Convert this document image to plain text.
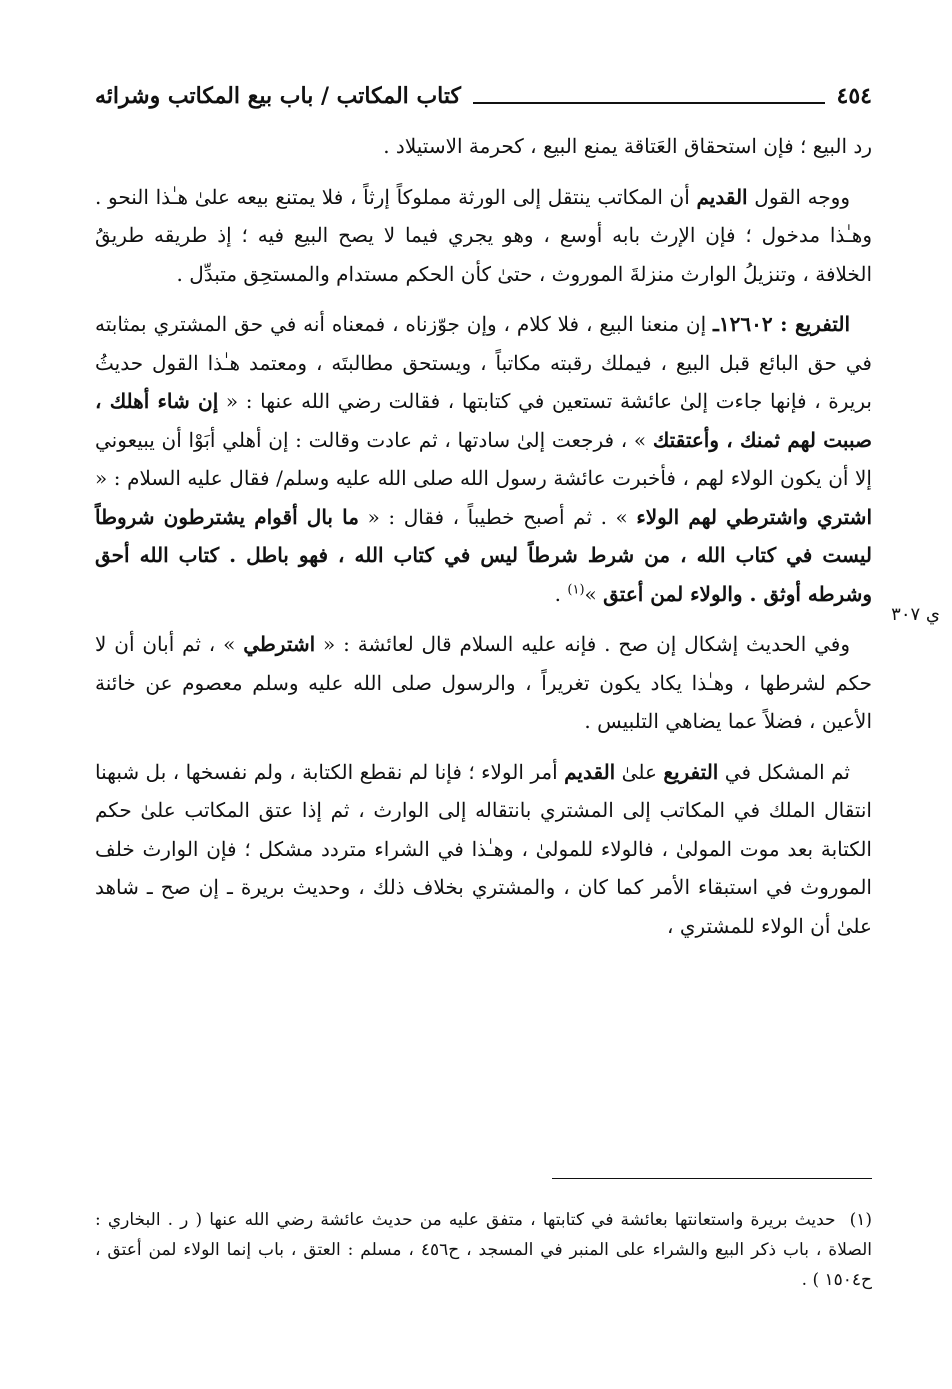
٤٥٤
كتاب المكاتب / باب بيع المكاتب وشرائه
ي ٣٠٧

رد البيع ؛ فإن استحقاق العَتاقة يمنع البيع ، كحرمة الاستيلاد .

ووجه القول القديم أن المكاتب ينتقل إلى الورثة مملوكاً إرثاً ، فلا يمتنع بيعه علىٰ هـٰذا النحو . وهـٰذا مدخول ؛ فإن الإرث بابه أوسع ، وهو يجري فيما لا يصح البيع فيه ؛ إذ طريقه طريقُ الخلافة ، وتنزيلُ الوارث منزلةَ الموروث ، حتىٰ كأن الحكم مستدام والمستحِق متبدِّل .

التفريع : ١٢٦٠٢ـ إن منعنا البيع ، فلا كلام ، وإن جوّزناه ، فمعناه أنه في حق المشتري بمثابته في حق البائع قبل البيع ، فيملك رقبته مكاتباً ، ويستحق مطالبتَه ، ومعتمد هـٰذا القول حديثُ بريرة ، فإنها جاءت إلىٰ عائشة تستعين في كتابتها ، فقالت رضي الله عنها : « إن شاء أهلك ، صببت لهم ثمنك ، وأعتقتك » ، فرجعت إلىٰ سادتها ، ثم عادت وقالت : إن أهلي أبَوْا أن يبيعوني إلا أن يكون الولاء لهم ، فأخبرت عائشة رسول الله صلى الله عليه وسلم/ فقال عليه السلام : « اشتري واشترطي لهم الولاء » . ثم أصبح خطيباً ، فقال : « ما بال أقوام يشترطون شروطاً ليست في كتاب الله ، من شرط شرطاً ليس في كتاب الله ، فهو باطل . كتاب الله أحق وشرطه أوثق . والولاء لمن أعتق »$^{(١)}$ .

وفي الحديث إشكال إن صح . فإنه عليه السلام قال لعائشة : « اشترطي » ، ثم أبان أن لا حكم لشرطها ، وهـٰذا يكاد يكون تغريراً ، والرسول صلى الله عليه وسلم معصوم عن خائنة الأعين ، فضلاً عما يضاهي التلبيس .

ثم المشكل في التفريع علىٰ القديم أمر الولاء ؛ فإنا لم نقطع الكتابة ، ولم نفسخها ، بل شبهنا انتقال الملك في المكاتب إلى المشتري بانتقاله إلى الوارث ، ثم إذا عتق المكاتب علىٰ حكم الكتابة بعد موت المولىٰ ، فالولاء للمولىٰ ، وهـٰذا في الشراء متردد مشكل ؛ فإن الوارث خلف الموروث في استبقاء الأمر كما كان ، والمشتري بخلاف ذلك ، وحديث بريرة ـ إن صح ـ شاهد علىٰ أن الولاء للمشتري ،

(١)حديث بريرة واستعانتها بعائشة في كتابتها ، متفق عليه من حديث عائشة رضي الله عنها ( ر . البخاري : الصلاة ، باب ذكر البيع والشراء على المنبر في المسجد ، ح٤٥٦ ، مسلم : العتق ، باب إنما الولاء لمن أعتق ، ح١٥٠٤ ) .
